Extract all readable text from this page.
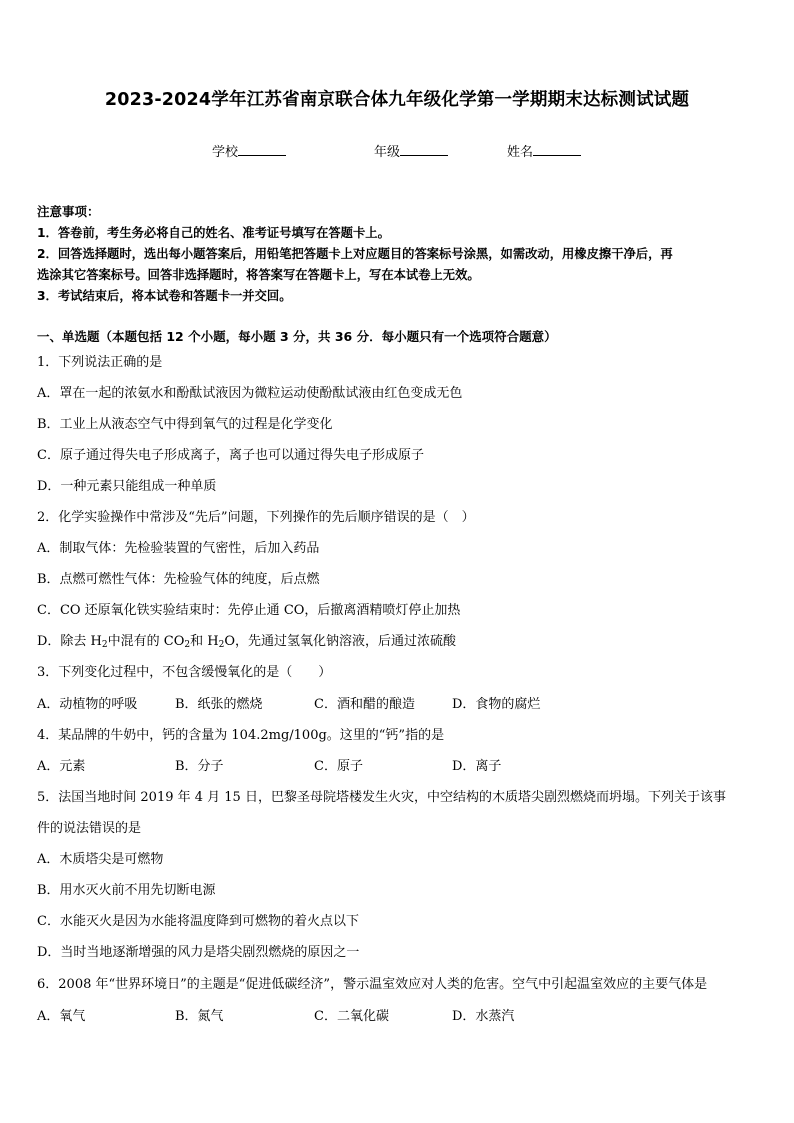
2023-2024学年江苏省南京联合体九年级化学第一学期期末达标测试试题
学校	年级	姓名
注意事项：
1．答卷前，考生务必将自己的姓名、准考证号填写在答题卡上。
2．回答选择题时，选出每小题答案后，用铅笔把答题卡上对应题目的答案标号涂黑，如需改动，用橡皮擦干净后，再
选涂其它答案标号。回答非选择题时，将答案写在答题卡上，写在本试卷上无效。
3．考试结束后，将本试卷和答题卡一并交回。
一、单选题（本题包括 12 个小题，每小题 3 分，共 36 分．每小题只有一个选项符合题意）
1．下列说法正确的是
A．罩在一起的浓氨水和酚酞试液因为微粒运动使酚酞试液由红色变成无色
B．工业上从液态空气中得到氧气的过程是化学变化
C．原子通过得失电子形成离子，离子也可以通过得失电子形成原子
D．一种元素只能组成一种单质
2．化学实验操作中常涉及“先后”问题，下列操作的先后顺序错误的是（　）
A．制取气体：先检验装置的气密性，后加入药品
B．点燃可燃性气体：先检验气体的纯度，后点燃
C．CO 还原氧化铁实验结束时：先停止通 CO，后撤离酒精喷灯停止加热
D．除去 $H_2$中混有的 $CO_2$和 $H_2O$，先通过氢氧化钠溶液，后通过浓硫酸
3．下列变化过程中，不包含缓慢氧化的是（　　）
A．动植物的呼吸	B．纸张的燃烧	C．酒和醋的酿造	D．食物的腐烂
4．某品牌的牛奶中，钙的含量为 104.2mg/100g。这里的“钙”指的是
A．元素	B．分子	C．原子	D．离子
5．法国当地时间 2019 年 4 月 15 日，巴黎圣母院塔楼发生火灾，中空结构的木质塔尖剧烈燃烧而坍塌。下列关于该事
件的说法错误的是
A．木质塔尖是可燃物
B．用水灭火前不用先切断电源
C．水能灭火是因为水能将温度降到可燃物的着火点以下
D．当时当地逐渐增强的风力是塔尖剧烈燃烧的原因之一
6．2008 年“世界环境日”的主题是“促进低碳经济”，警示温室效应对人类的危害。空气中引起温室效应的主要气体是
A．氧气	B．氮气	C．二氧化碳	D．水蒸汽
